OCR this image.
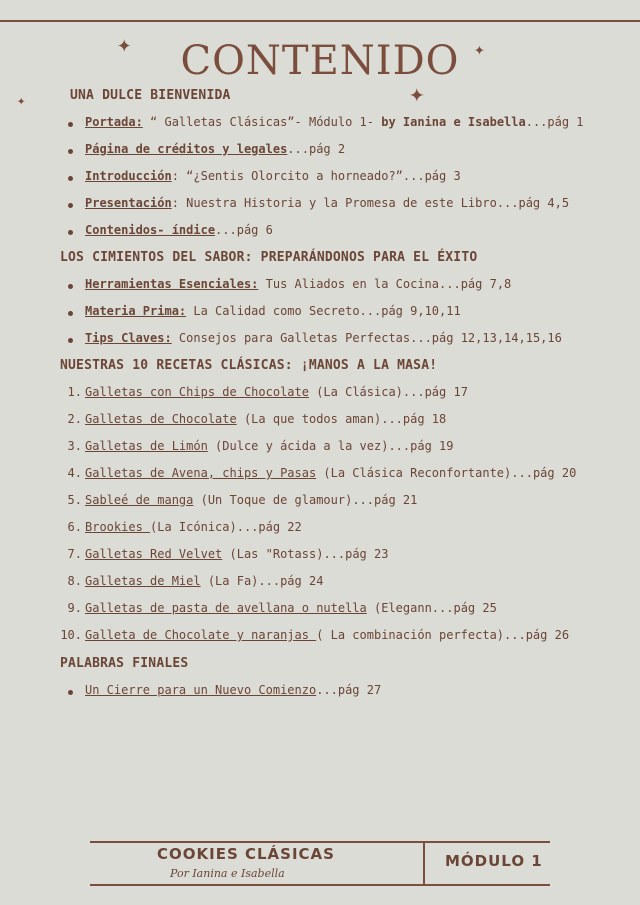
✦	✦
✦	✦
CONTENIDO
UNA DULCE BIENVENIDA
Portada: “ Galletas Clásicas”- Módulo 1- by Ianina e Isabella...pág 1
Página de créditos y legales...pág 2
Introducción: “¿Sentis Olorcito a horneado?”...pág 3
Presentación: Nuestra Historia y la Promesa de este Libro...pág 4,5
Contenidos- índice...pág 6
LOS CIMIENTOS DEL SABOR: PREPARÁNDONOS PARA EL ÉXITO
Herramientas Esenciales: Tus Aliados en la Cocina...pág 7,8
Materia Prima: La Calidad como Secreto...pág 9,10,11
Tips Claves: Consejos para Galletas Perfectas...pág 12,13,14,15,16
NUESTRAS 10 RECETAS CLÁSICAS: ¡MANOS A LA MASA!
1. Galletas con Chips de Chocolate (La Clásica)...pág 17
2. Galletas de Chocolate (La que todos aman)...pág 18
3. Galletas de Limón (Dulce y ácida a la vez)...pág 19
4. Galletas de Avena, chips y Pasas (La Clásica Reconfortante)...pág 20
5. Sableé de manga (Un Toque de glamour)...pág 21
6. Brookies (La Icónica)...pág 22
7. Galletas Red Velvet (Las "Rotass)...pág 23
8. Galletas de Miel (La Fa)...pág 24
9. Galletas de pasta de avellana o nutella (Elegann...pág 25
10. Galleta de Chocolate y naranjas ( La combinación perfecta)...pág 26
PALABRAS FINALES
Un Cierre para un Nuevo Comienzo...pág 27
COOKIES CLÁSICAS
Por Ianina e Isabella
MÓDULO 1
